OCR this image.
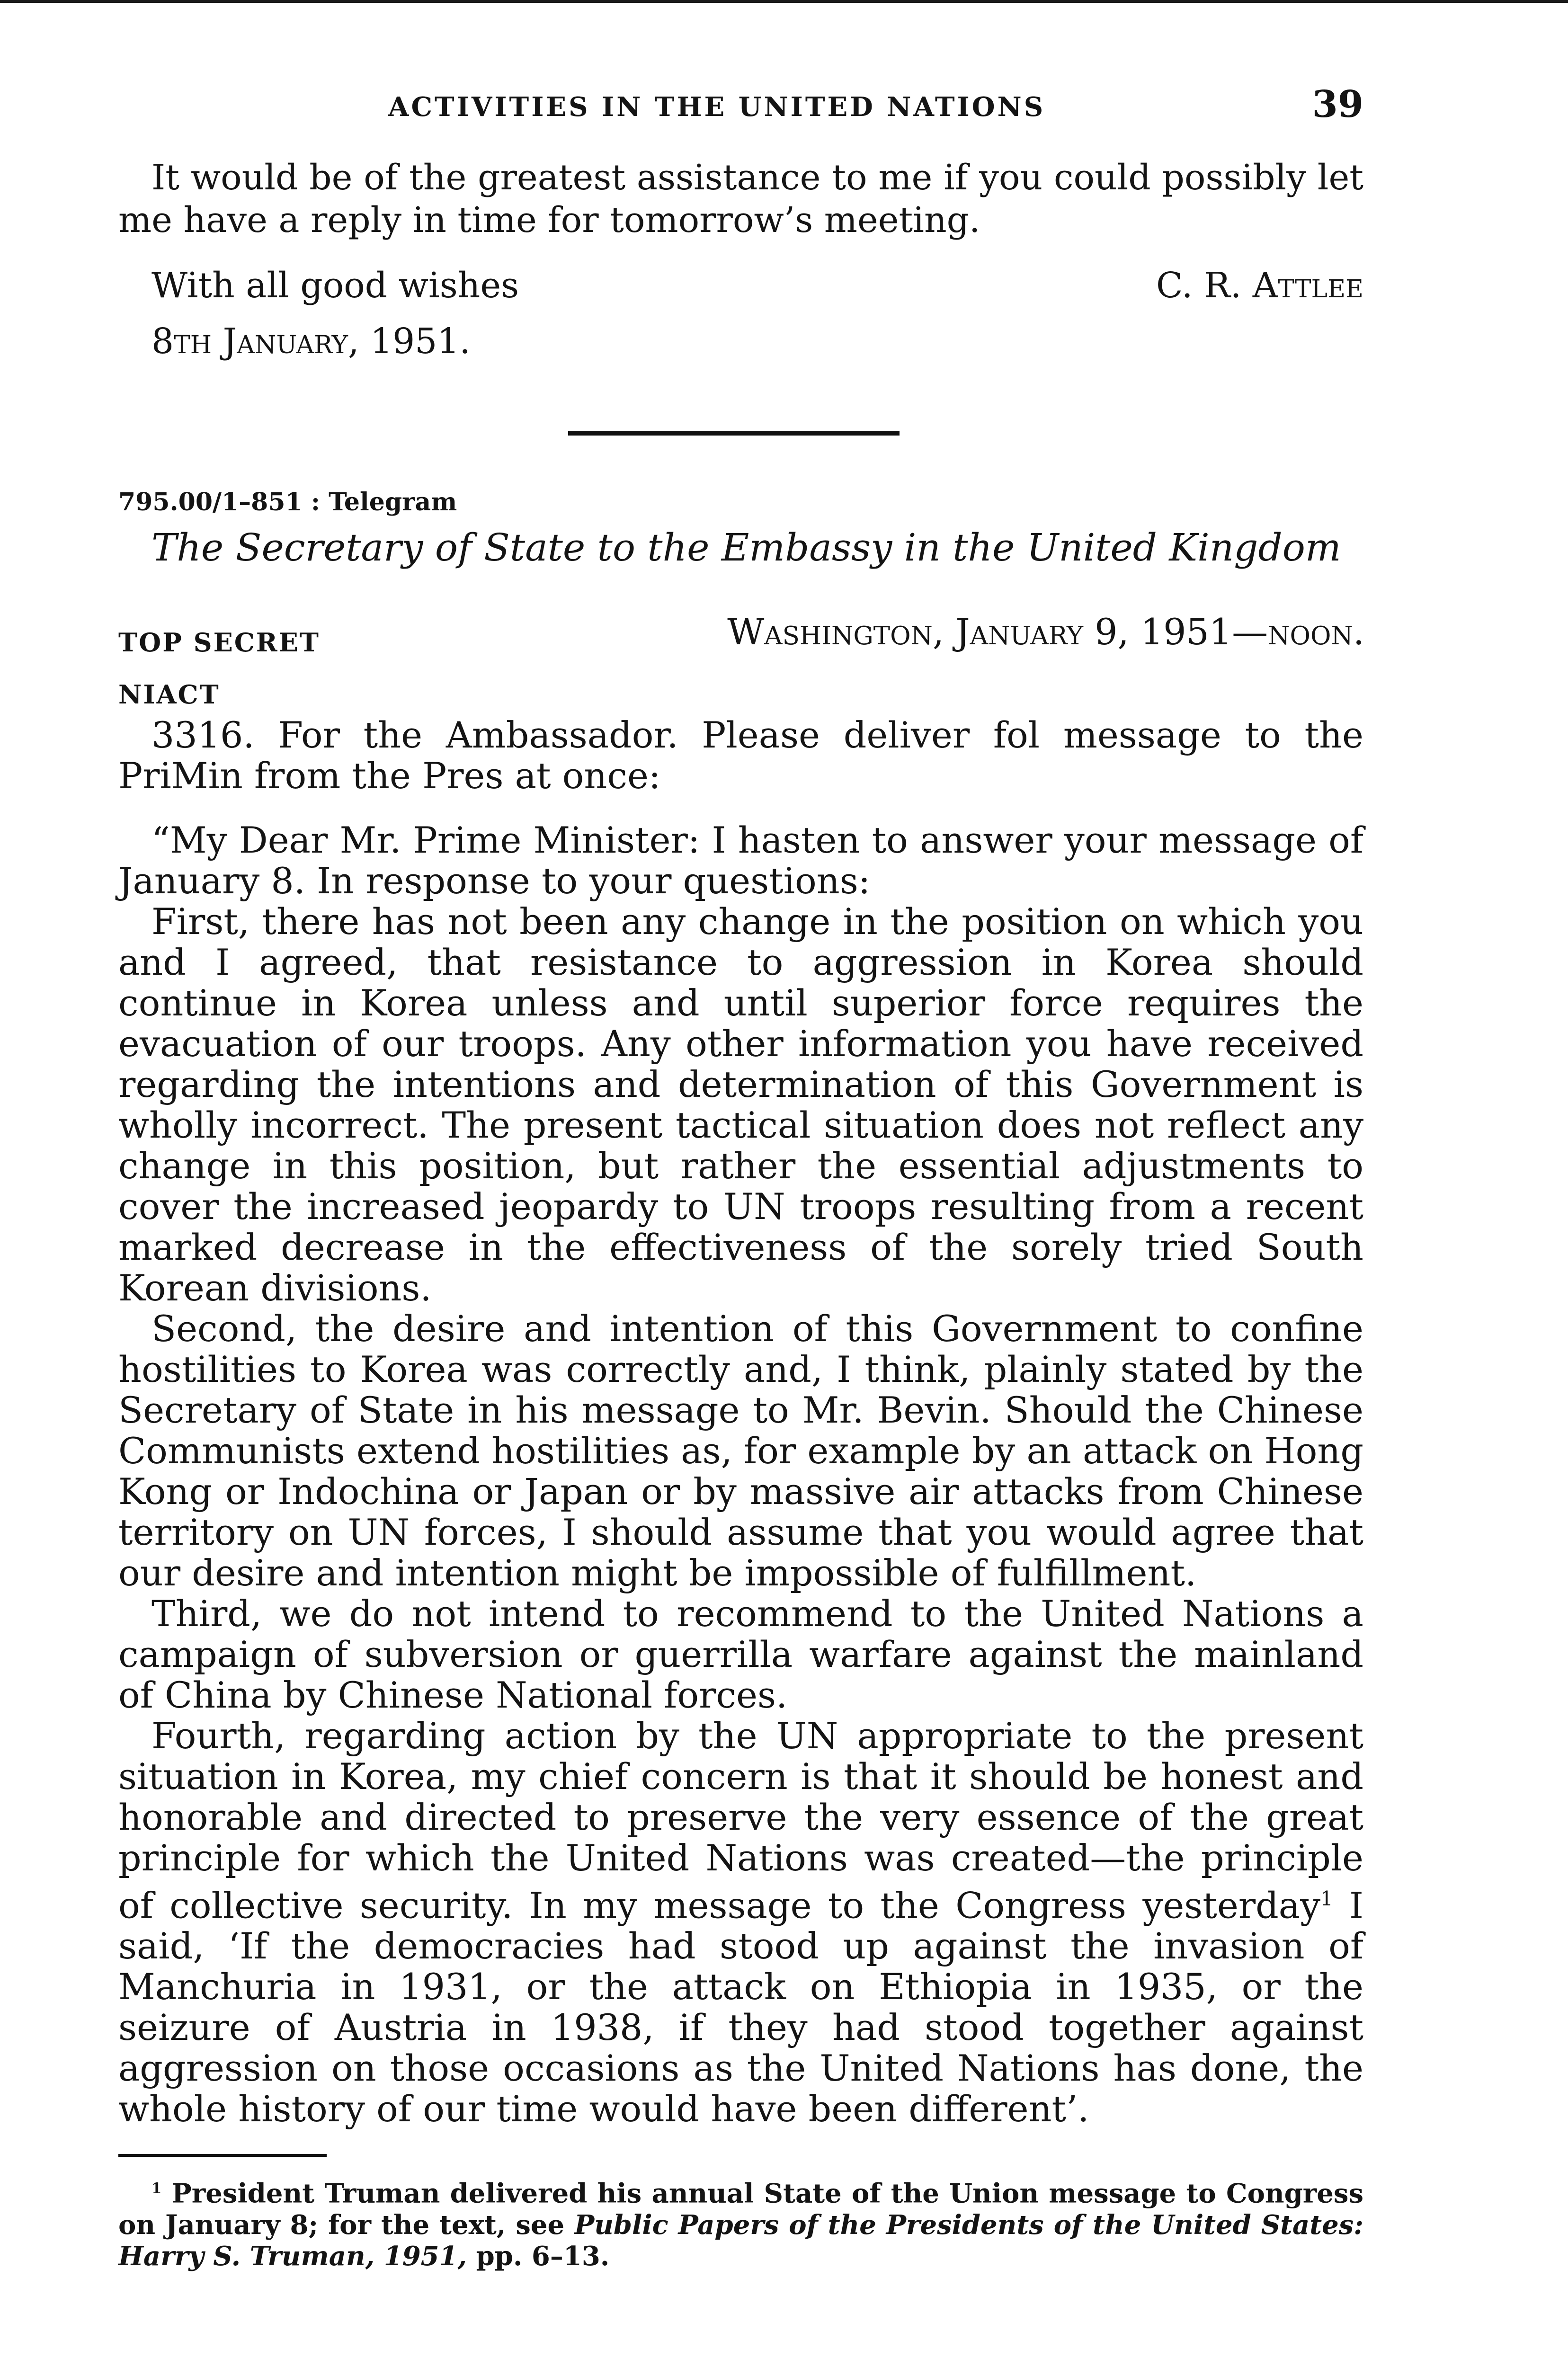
ACTIVITIES IN THE UNITED NATIONS	39

It would be of the greatest assistance to me if you could possibly let me have a reply in time for tomorrow’s meeting.

With all good wishes	C. R. Attlee
8th January, 1951.
795.00/1–851 : Telegram
The Secretary of State to the Embassy in the United Kingdom
TOP SECRET	Washington, January 9, 1951—noon.
NIACT

3316. For the Ambassador. Please deliver fol message to the PriMin from the Pres at once:

“My Dear Mr. Prime Minister: I hasten to answer your message of January 8. In response to your questions:

First, there has not been any change in the position on which you and I agreed, that resistance to aggression in Korea should continue in Korea unless and until superior force requires the evacuation of our troops. Any other information you have received regarding the intentions and determination of this Government is wholly incorrect. The present tactical situation does not reflect any change in this position, but rather the essential adjustments to cover the increased jeopardy to UN troops resulting from a recent marked decrease in the effectiveness of the sorely tried South Korean divisions.

Second, the desire and intention of this Government to confine hostilities to Korea was correctly and, I think, plainly stated by the Secretary of State in his message to Mr. Bevin. Should the Chinese Communists extend hostilities as, for example by an attack on Hong Kong or Indochina or Japan or by massive air attacks from Chinese territory on UN forces, I should assume that you would agree that our desire and intention might be impossible of fulfillment.

Third, we do not intend to recommend to the United Nations a campaign of subversion or guerrilla warfare against the mainland of China by Chinese National forces.

Fourth, regarding action by the UN appropriate to the present situation in Korea, my chief concern is that it should be honest and honorable and directed to preserve the very essence of the great principle for which the United Nations was created—the principle of collective security. In my message to the Congress yesterday$^1$ I said, ‘If the democracies had stood up against the invasion of Manchuria in 1931, or the attack on Ethiopia in 1935, or the seizure of Austria in 1938, if they had stood together against aggression on those occasions as the United Nations has done, the whole history of our time would have been different’.

$^1$ President Truman delivered his annual State of the Union message to Congress on January 8; for the text, see Public Papers of the Presidents of the United States: Harry S. Truman, 1951, pp. 6–13.
